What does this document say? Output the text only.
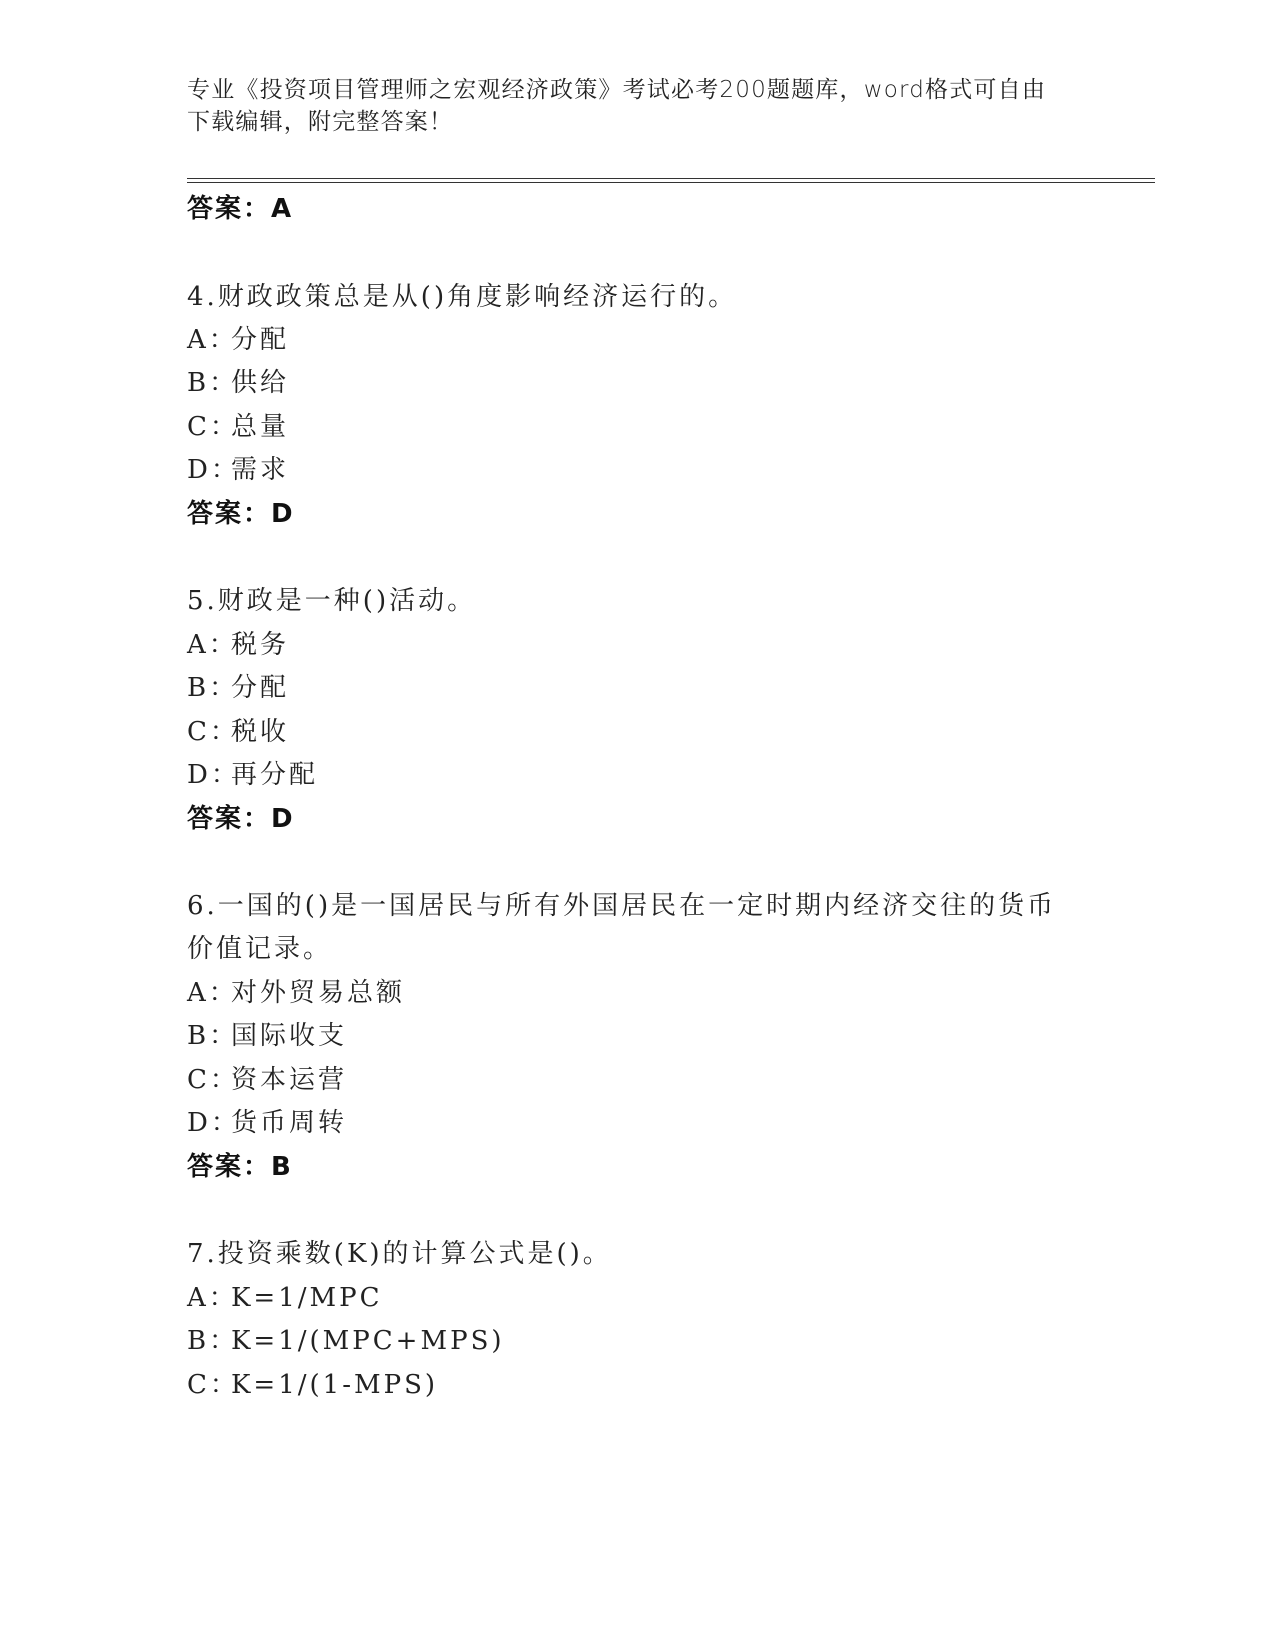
专业《投资项目管理师之宏观经济政策》考试必考200题题库，word格式可自由
下载编辑，附完整答案！
答案：A
4.财政政策总是从()角度影响经济运行的。
A：分配
B：供给
C：总量
D：需求
答案：D
5.财政是一种()活动。
A：税务
B：分配
C：税收
D：再分配
答案：D
6.一国的()是一国居民与所有外国居民在一定时期内经济交往的货币
价值记录。
A：对外贸易总额
B：国际收支
C：资本运营
D：货币周转
答案：B
7.投资乘数(K)的计算公式是()。
A：K=1/MPC
B：K=1/(MPC+MPS)
C：K=1/(1-MPS)
